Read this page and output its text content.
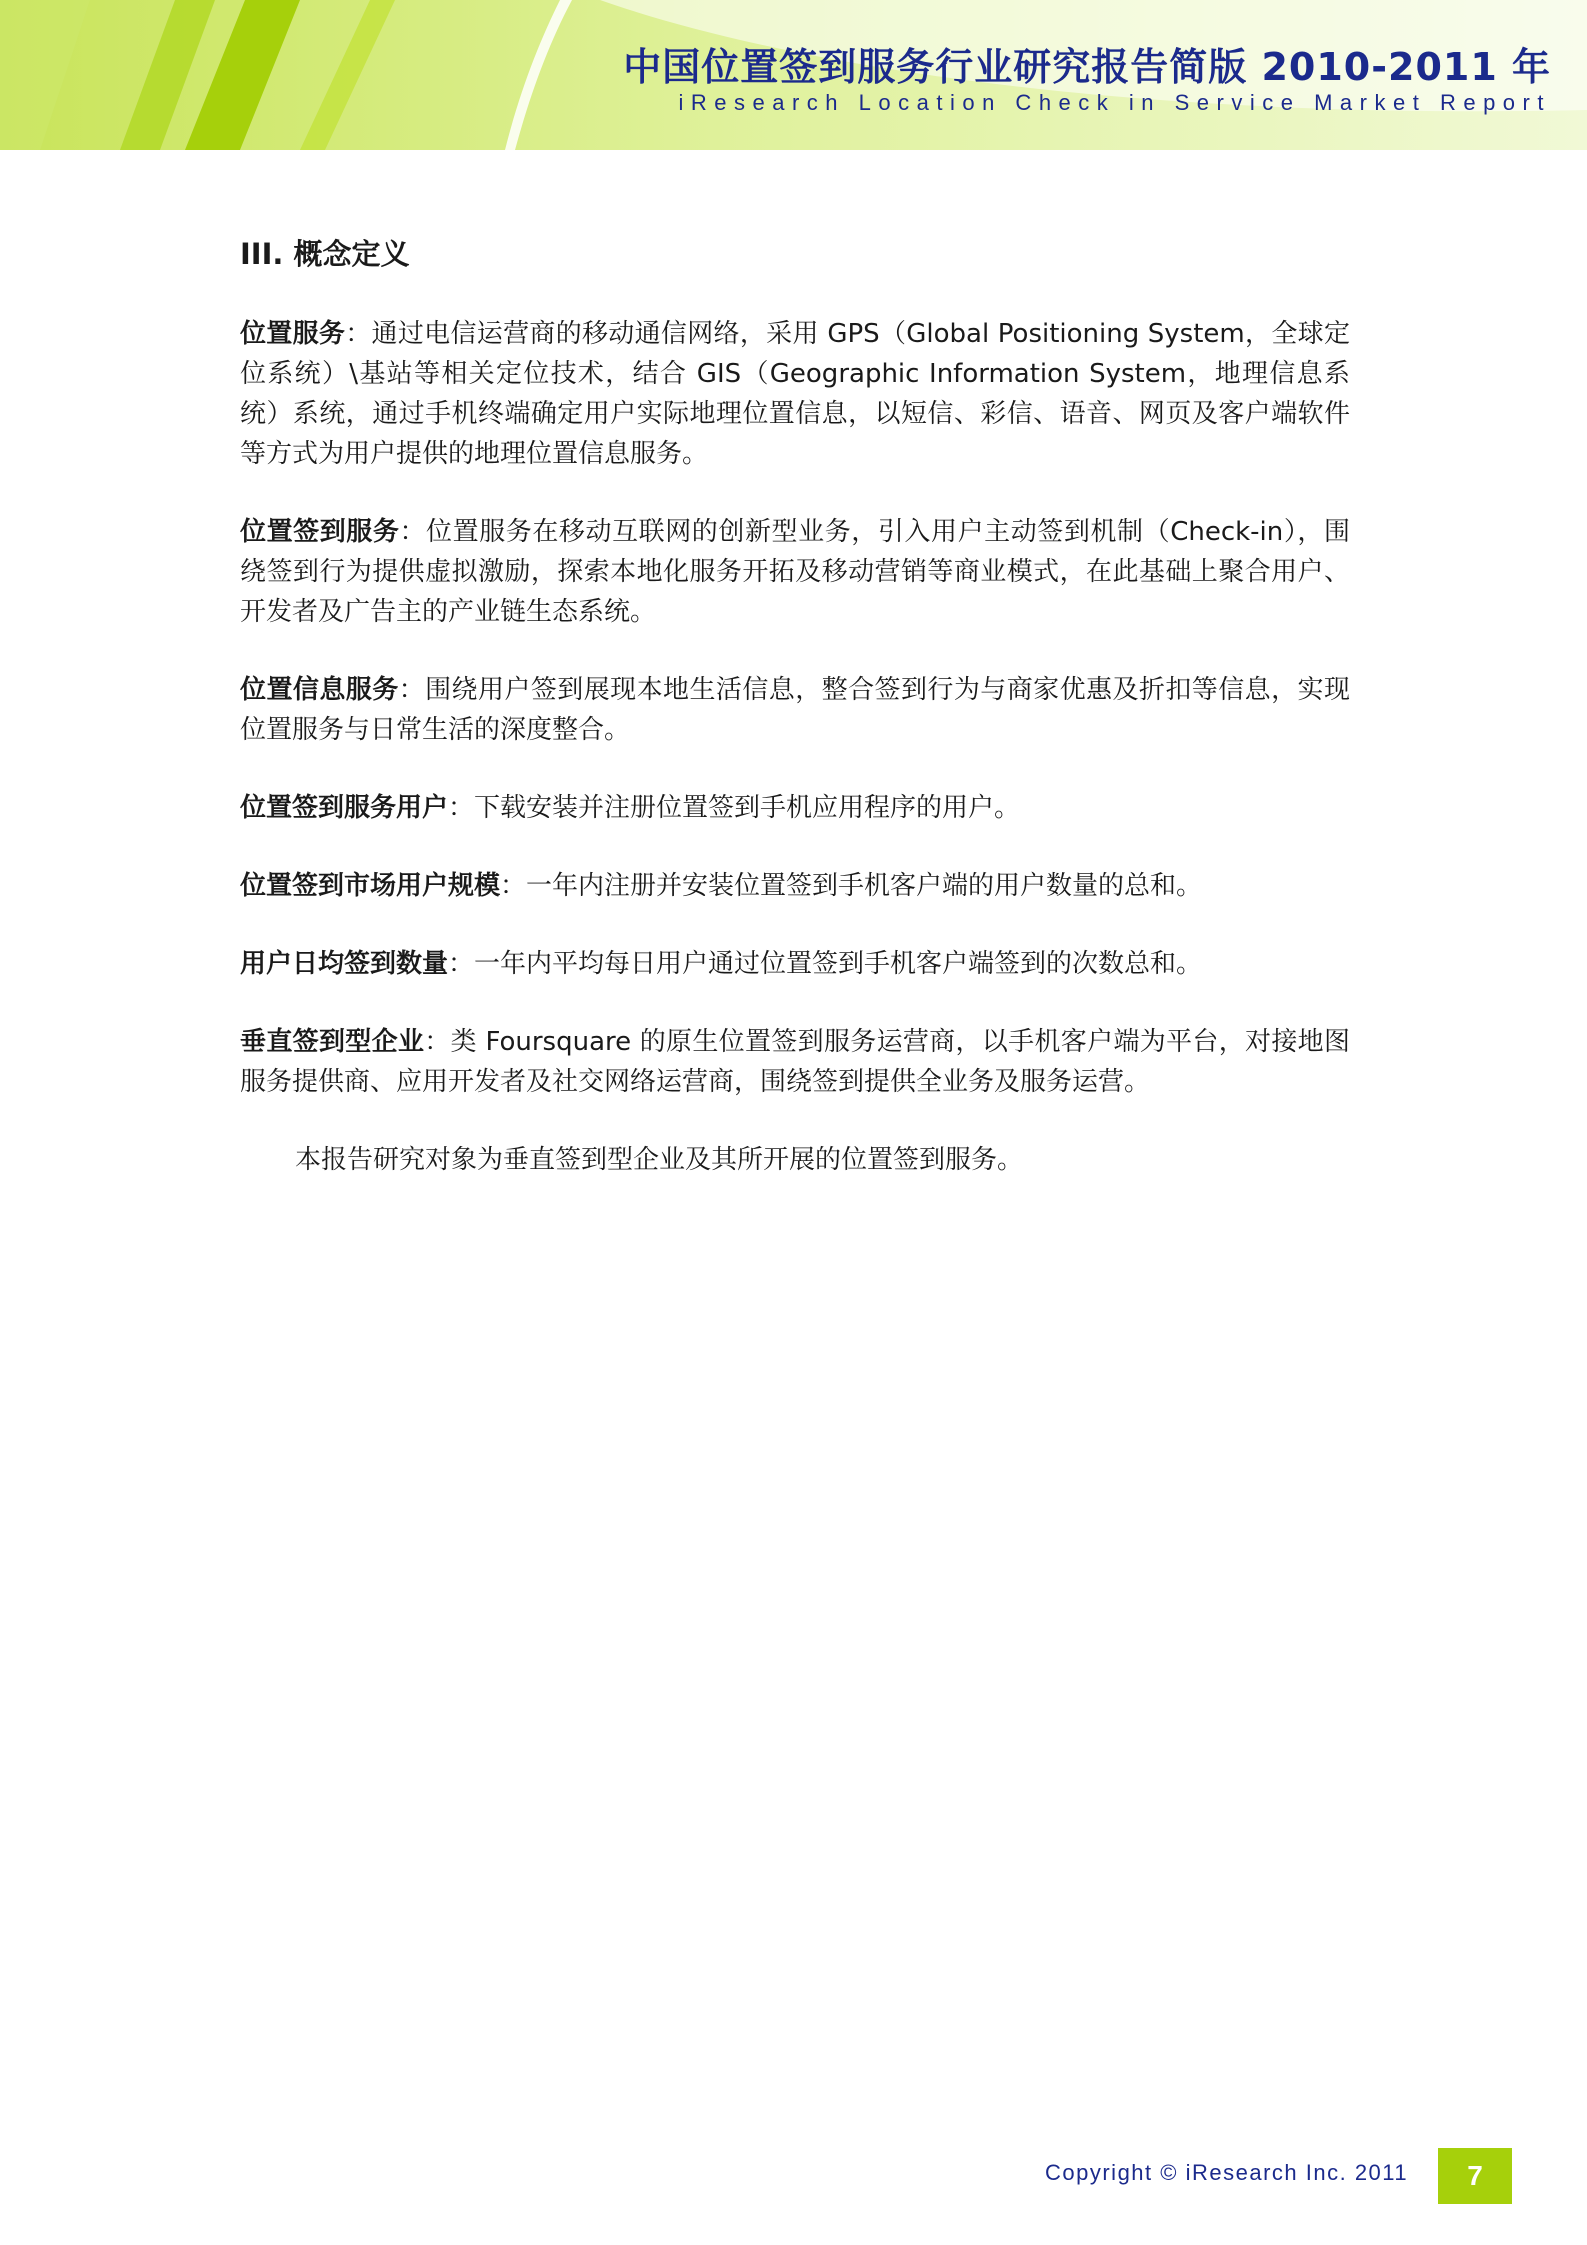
中国位置签到服务行业研究报告简版 2010-2011 年
iResearch Location Check in Service Market Report
III. 概念定义

位置服务：通过电信运营商的移动通信网络，采用 GPS（Global Positioning System，全球定位系统）\基站等相关定位技术，结合 GIS（Geographic Information System，地理信息系统）系统，通过手机终端确定用户实际地理位置信息，以短信、彩信、语音、网页及客户端软件等方式为用户提供的地理位置信息服务。

位置签到服务：位置服务在移动互联网的创新型业务，引入用户主动签到机制（Check-in），围绕签到行为提供虚拟激励，探索本地化服务开拓及移动营销等商业模式，在此基础上聚合用户、开发者及广告主的产业链生态系统。

位置信息服务：围绕用户签到展现本地生活信息，整合签到行为与商家优惠及折扣等信息，实现位置服务与日常生活的深度整合。

位置签到服务用户：下载安装并注册位置签到手机应用程序的用户。

位置签到市场用户规模：一年内注册并安装位置签到手机客户端的用户数量的总和。

用户日均签到数量：一年内平均每日用户通过位置签到手机客户端签到的次数总和。

垂直签到型企业：类 Foursquare 的原生位置签到服务运营商，以手机客户端为平台，对接地图服务提供商、应用开发者及社交网络运营商，围绕签到提供全业务及服务运营。

本报告研究对象为垂直签到型企业及其所开展的位置签到服务。

Copyright © iResearch Inc. 2011	7
